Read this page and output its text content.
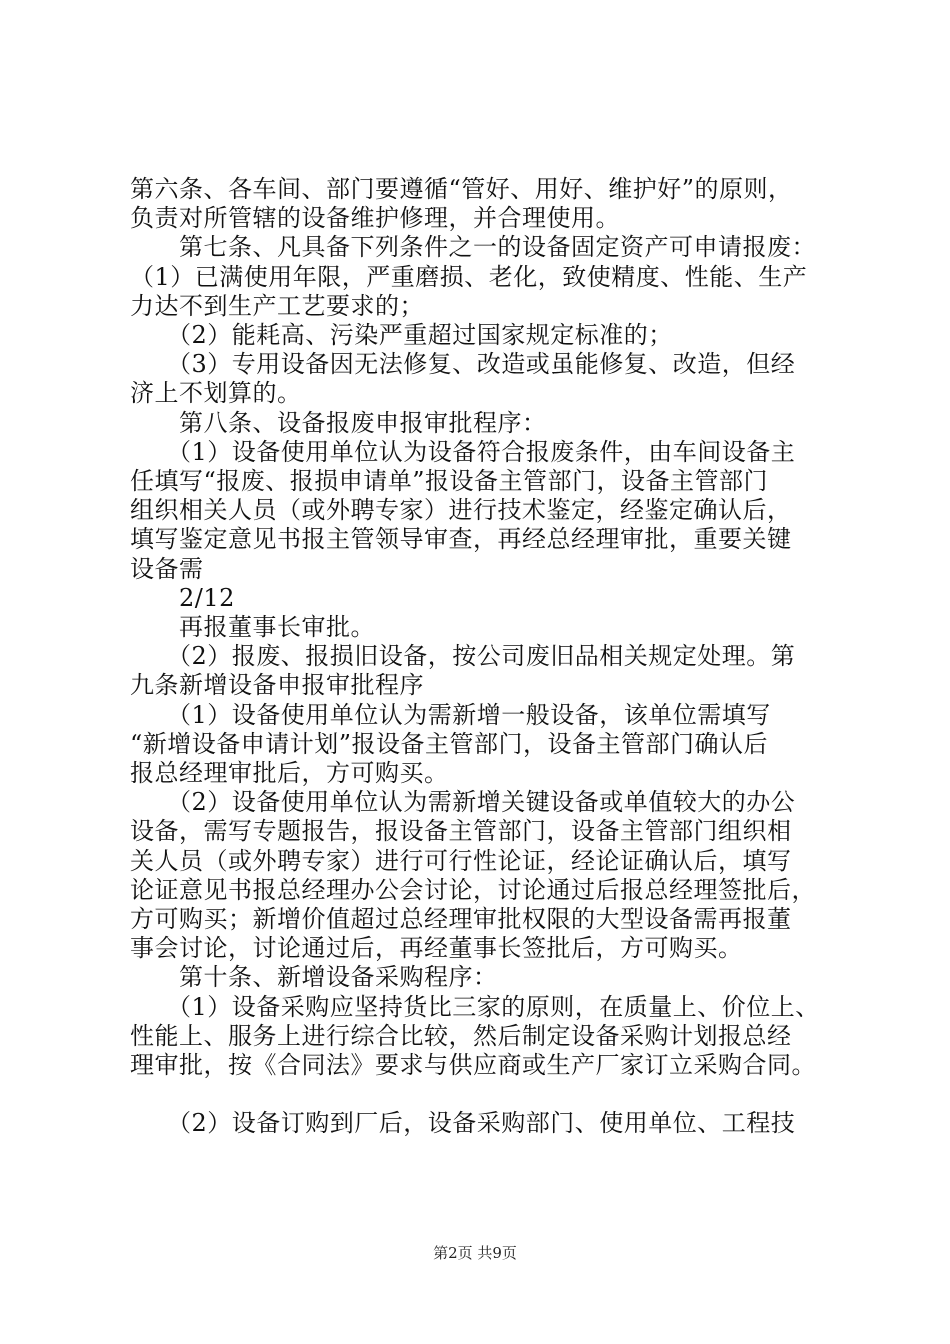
第六条、各车间、部门要遵循“管好、用好、维护好”的原则，
负责对所管辖的设备维护修理，并合理使用。
　　第七条、凡具备下列条件之一的设备固定资产可申请报废：
（1）已满使用年限，严重磨损、老化，致使精度、性能、生产
力达不到生产工艺要求的；
　　（2）能耗高、污染严重超过国家规定标准的；
　　（3）专用设备因无法修复、改造或虽能修复、改造，但经
济上不划算的。
　　第八条、设备报废申报审批程序：
　　（1）设备使用单位认为设备符合报废条件，由车间设备主
任填写“报废、报损申请单”报设备主管部门，设备主管部门
组织相关人员（或外聘专家）进行技术鉴定，经鉴定确认后，
填写鉴定意见书报主管领导审查，再经总经理审批，重要关键
设备需
　　2/12
　　再报董事长审批。
　　（2）报废、报损旧设备，按公司废旧品相关规定处理。第
九条新增设备申报审批程序
　　（1）设备使用单位认为需新增一般设备，该单位需填写
“新增设备申请计划”报设备主管部门，设备主管部门确认后
报总经理审批后，方可购买。
　　（2）设备使用单位认为需新增关键设备或单值较大的办公
设备，需写专题报告，报设备主管部门，设备主管部门组织相
关人员（或外聘专家）进行可行性论证，经论证确认后，填写
论证意见书报总经理办公会讨论，讨论通过后报总经理签批后，
方可购买；新增价值超过总经理审批权限的大型设备需再报董
事会讨论，讨论通过后，再经董事长签批后，方可购买。
　　第十条、新增设备采购程序：
　　（1）设备采购应坚持货比三家的原则，在质量上、价位上、
性能上、服务上进行综合比较，然后制定设备采购计划报总经
理审批，按《合同法》要求与供应商或生产厂家订立采购合同。
　　（2）设备订购到厂后，设备采购部门、使用单位、工程技
第2页 共9页
